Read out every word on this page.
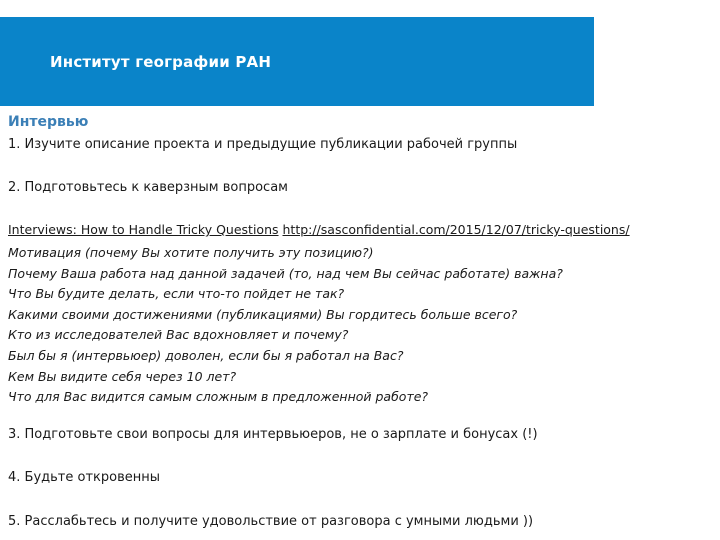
Институт географии РАН
Интервью
1. Изучите описание проекта и предыдущие публикации рабочей группы
2. Подготовьтесь к каверзным вопросам
Interviews: How to Handle Tricky Questions http://sasconfidential.com/2015/12/07/tricky-questions/
Мотивация (почему Вы хотите получить эту позицию?)
Почему Ваша работа над данной задачей (то, над чем Вы сейчас работате) важна?
Что Вы будите делать, если что-то пойдет не так?
Какими своими достижениями (публикациями) Вы гордитесь больше всего?
Кто из исследователей Вас вдохновляет и почему?
Был бы я (интервьюер) доволен, если бы я работал на Вас?
Кем Вы видите себя через 10 лет?
Что для Вас видится самым сложным в предложенной работе?
3. Подготовьте свои вопросы для интервьюеров, не о зарплате и бонусах (!)
4. Будьте откровенны
5. Расслабьтесь и получите удовольствие от разговора с умными людьми ))
